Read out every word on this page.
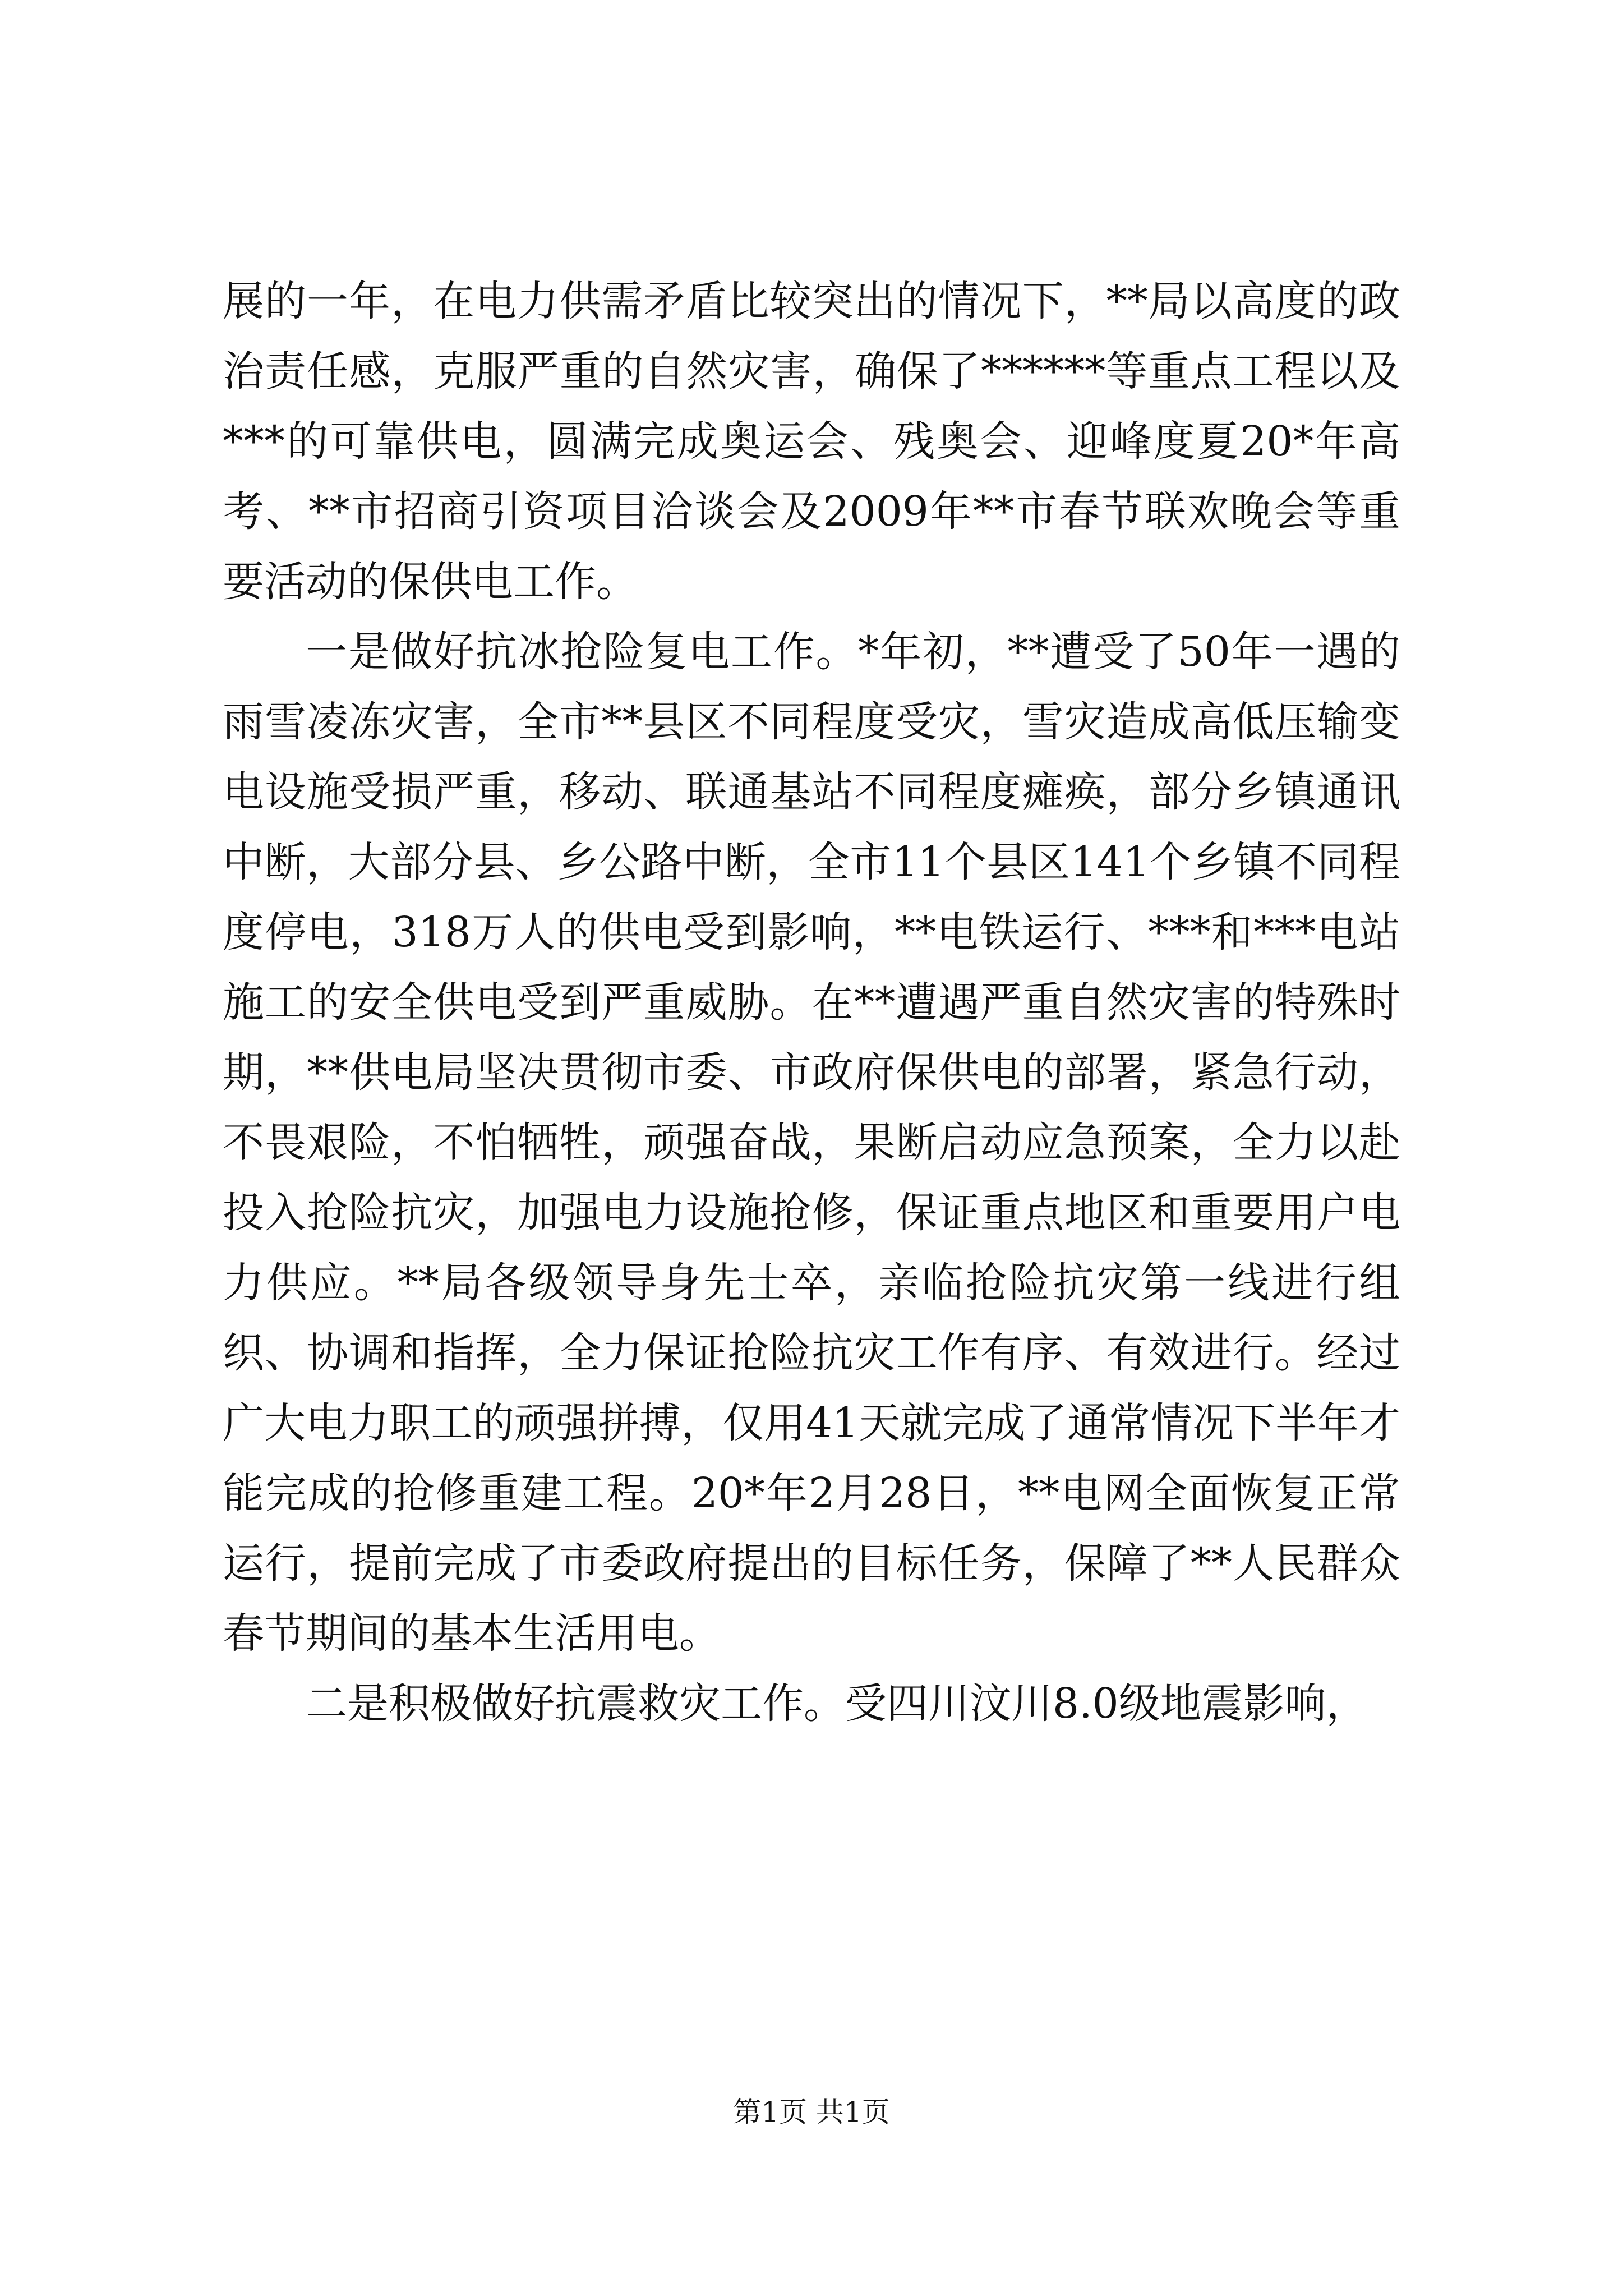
展的一年，在电力供需矛盾比较突出的情况下，**局以高度的政治责任感，克服严重的自然灾害，确保了******等重点工程以及***的可靠供电，圆满完成奥运会、残奥会、迎峰度夏20*年高考、**市招商引资项目洽谈会及2009年**市春节联欢晚会等重要活动的保供电工作。

一是做好抗冰抢险复电工作。*年初，**遭受了50年一遇的雨雪凌冻灾害，全市**县区不同程度受灾，雪灾造成高低压输变电设施受损严重，移动、联通基站不同程度瘫痪，部分乡镇通讯中断，大部分县、乡公路中断，全市11个县区141个乡镇不同程度停电，318万人的供电受到影响，**电铁运行、***和***电站施工的安全供电受到严重威胁。在**遭遇严重自然灾害的特殊时期，**供电局坚决贯彻市委、市政府保供电的部署，紧急行动，不畏艰险，不怕牺牲，顽强奋战，果断启动应急预案，全力以赴投入抢险抗灾，加强电力设施抢修，保证重点地区和重要用户电力供应。**局各级领导身先士卒，亲临抢险抗灾第一线进行组织、协调和指挥，全力保证抢险抗灾工作有序、有效进行。经过广大电力职工的顽强拼搏，仅用41天就完成了通常情况下半年才能完成的抢修重建工程。20*年2月28日，**电网全面恢复正常运行，提前完成了市委政府提出的目标任务，保障了**人民群众春节期间的基本生活用电。

二是积极做好抗震救灾工作。受四川汶川8.0级地震影响，

第1页 共1页
